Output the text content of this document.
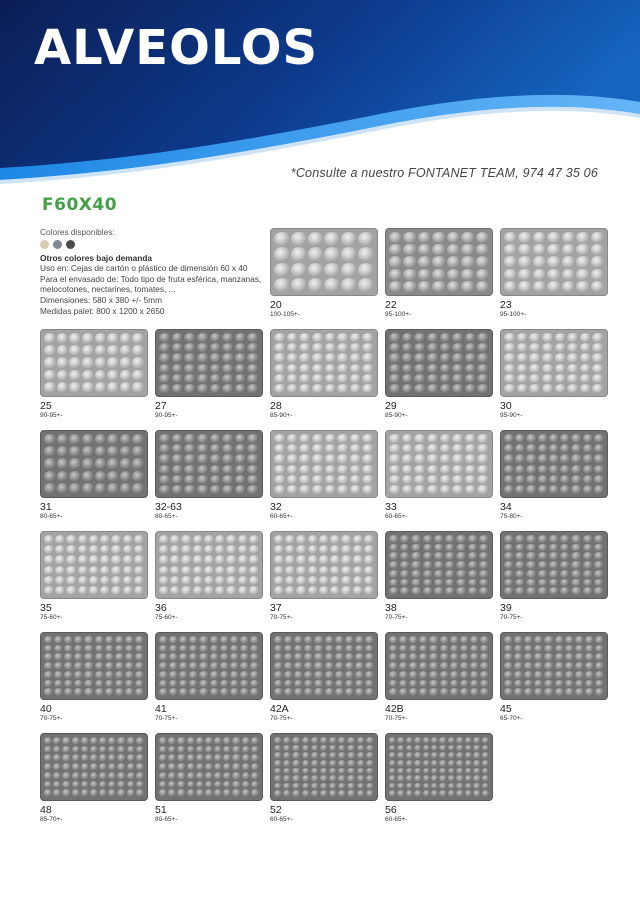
ALVEOLOS
*Consulte a nuestro FONTANET TEAM, 974 47 35 06
F60X40

Colores disponibles:

Otros colores bajo demanda

Uso en: Cejas de cartón o plástico de dimensión 60 x 40

Para el envasado de: Todo tipo de fruta esférica, manzanas,

melocotones, nectarines, tomates, ...

Dimensiones: 580 x 380 +/- 5mm

Medidas palet: 800 x 1200 x 2650	20
100-105+-
22
95-100+-
23
95-100+-
25
90-95+-
27
90-95+-
28
85-90+-
29
85-90+-
30
95-90+-
31
80-65+-
32-63
80-65+-
32
60-65+-
33
60-65+-
34
75-80+-
35
75-60+-
36
75-60+-
37
70-75+-
38
70-75+-
39
70-75+-
40
70-75+-
41
70-75+-
42A
70-75+-
42B
70-75+-
45
65-70+-
48
85-70+-
51
80-65+-
52
60-65+-
56
60-65+-
